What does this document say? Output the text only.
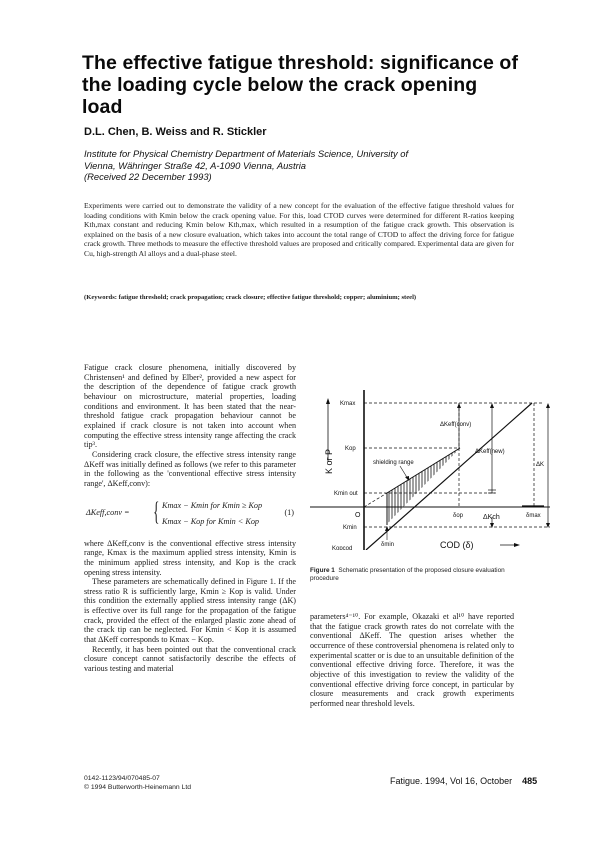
The effective fatigue threshold: significance of the loading cycle below the crack opening load
D.L. Chen, B. Weiss and R. Stickler
Institute for Physical Chemistry Department of Materials Science, University of
Vienna, Währinger Straße 42, A-1090 Vienna, Austria
(Received 22 December 1993)
Experiments were carried out to demonstrate the validity of a new concept for the evaluation of the effective fatigue threshold values for loading conditions with Kmin below the crack opening value. For this, load CTOD curves were determined for different R-ratios keeping Kth,max constant and reducing Kmin below Kth,max, which resulted in a resumption of the fatigue crack growth. This observation is explained on the basis of a new closure evaluation, which takes into account the total range of CTOD to affect the driving force for fatigue crack growth. Three methods to measure the effective threshold values are proposed and critically compared. Experimental data are given for Cu, high-strength Al alloys and a dual-phase steel.
(Keywords: fatigue threshold; crack propagation; crack closure; effective fatigue threshold; copper; aluminium; steel)

Fatigue crack closure phenomena, initially discovered by Christensen¹ and defined by Elber², provided a new aspect for the description of the dependence of fatigue crack growth behaviour on microstructure, material properties, loading conditions and environment. It has been stated that the near-threshold fatigue crack propagation behaviour cannot be explained if crack closure is not taken into account when computing the effective stress intensity range affecting the crack tip³.

Considering crack closure, the effective stress intensity range ΔKeff was initially defined as follows (we refer to this parameter in the following as the 'conventional effective stress intensity range', ΔKeff,conv):

ΔKeff,conv = { Kmax − Kmin for Kmin ≥ Kop
Kmax − Kop for Kmin < Kop
(1)

where ΔKeff,conv is the conventional effective stress intensity range, Kmax is the maximum applied stress intensity, Kmin is the minimum applied stress intensity, and Kop is the crack opening stress intensity.

These parameters are schematically defined in Figure 1. If the stress ratio R is sufficiently large, Kmin ≥ Kop is valid. Under this condition the externally applied stress intensity range (ΔK) is effective over its full range for the propagation of the fatigue crack, provided the effect of the enlarged plastic zone ahead of the crack tip can be neglected. For Kmin < Kop it is assumed that ΔKeff corresponds to Kmax − Kop.

Recently, it has been pointed out that the conventional crack closure concept cannot satisfactorily describe the effects of various testing and material

Kmax
Kop
Kmin out
O
Kmin
Kopcod
shielding range
ΔKeff(conv)
ΔKeff(new)
ΔK
ΔKch
δop	δmax
δmin	COD (δ)
K or P
Figure 1 Schematic presentation of the proposed closure evaluation procedure

parameters⁴⁻¹⁰. For example, Okazaki et al¹⁰ have reported that the fatigue crack growth rates do not correlate with the conventional ΔKeff. The question arises whether the occurrence of these controversial phenomena is related only to experimental scatter or is due to an unsuitable definition of the conventional effective driving force. Therefore, it was the objective of this investigation to review the validity of the conventional effective driving force concept, in particular by closure measurements and crack growth experiments performed near threshold levels.

0142-1123/94/070485-07
© 1994 Butterworth-Heinemann Ltd
Fatigue. 1994, Vol 16, October 485
